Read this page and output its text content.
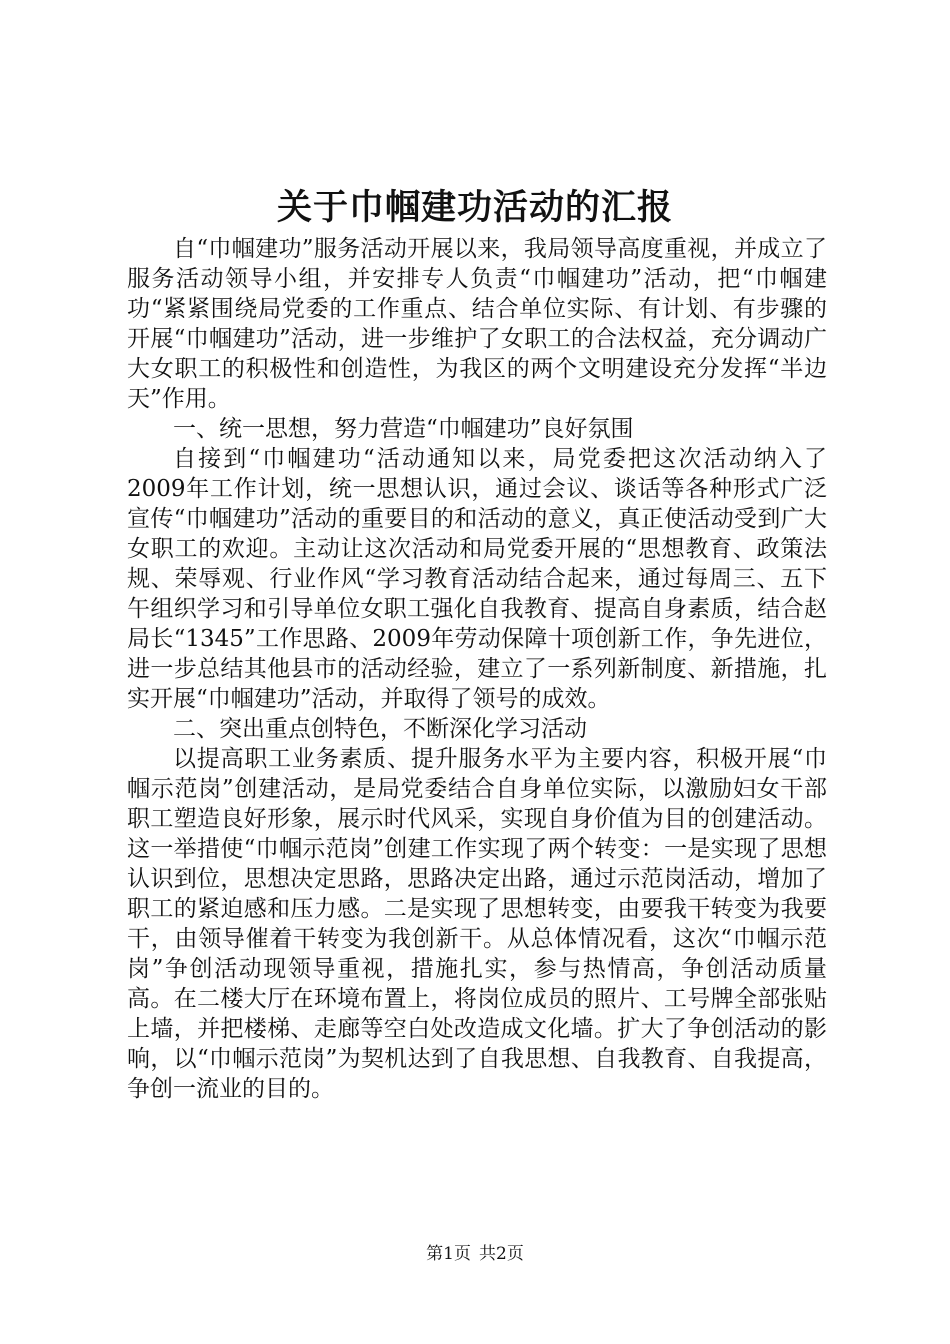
关于巾帼建功活动的汇报

自“巾帼建功”服务活动开展以来，我局领导高度重视，并成立了服务活动领导小组，并安排专人负责“巾帼建功”活动，把“巾帼建功“紧紧围绕局党委的工作重点、结合单位实际、有计划、有步骤的开展“巾帼建功”活动，进一步维护了女职工的合法权益，充分调动广大女职工的积极性和创造性，为我区的两个文明建设充分发挥“半边天”作用。

一、统一思想，努力营造“巾帼建功”良好氛围

自接到“巾帼建功“活动通知以来，局党委把这次活动纳入了2009年工作计划，统一思想认识，通过会议、谈话等各种形式广泛宣传“巾帼建功”活动的重要目的和活动的意义，真正使活动受到广大女职工的欢迎。主动让这次活动和局党委开展的“思想教育、政策法规、荣辱观、行业作风“学习教育活动结合起来，通过每周三、五下午组织学习和引导单位女职工强化自我教育、提高自身素质，结合赵局长“1345”工作思路、2009年劳动保障十项创新工作，争先进位，进一步总结其他县市的活动经验，建立了一系列新制度、新措施，扎实开展“巾帼建功”活动，并取得了领号的成效。

二、突出重点创特色，不断深化学习活动

以提高职工业务素质、提升服务水平为主要内容，积极开展“巾帼示范岗”创建活动，是局党委结合自身单位实际，以激励妇女干部职工塑造良好形象，展示时代风采，实现自身价值为目的创建活动。这一举措使“巾帼示范岗”创建工作实现了两个转变：一是实现了思想认识到位，思想决定思路，思路决定出路，通过示范岗活动，增加了职工的紧迫感和压力感。二是实现了思想转变，由要我干转变为我要干，由领导催着干转变为我创新干。从总体情况看，这次“巾帼示范岗”争创活动现领导重视，措施扎实，参与热情高，争创活动质量高。在二楼大厅在环境布置上，将岗位成员的照片、工号牌全部张贴上墙，并把楼梯、走廊等空白处改造成文化墙。扩大了争创活动的影响，以“巾帼示范岗”为契机达到了自我思想、自我教育、自我提高，争创一流业的目的。

第1页 共2页
